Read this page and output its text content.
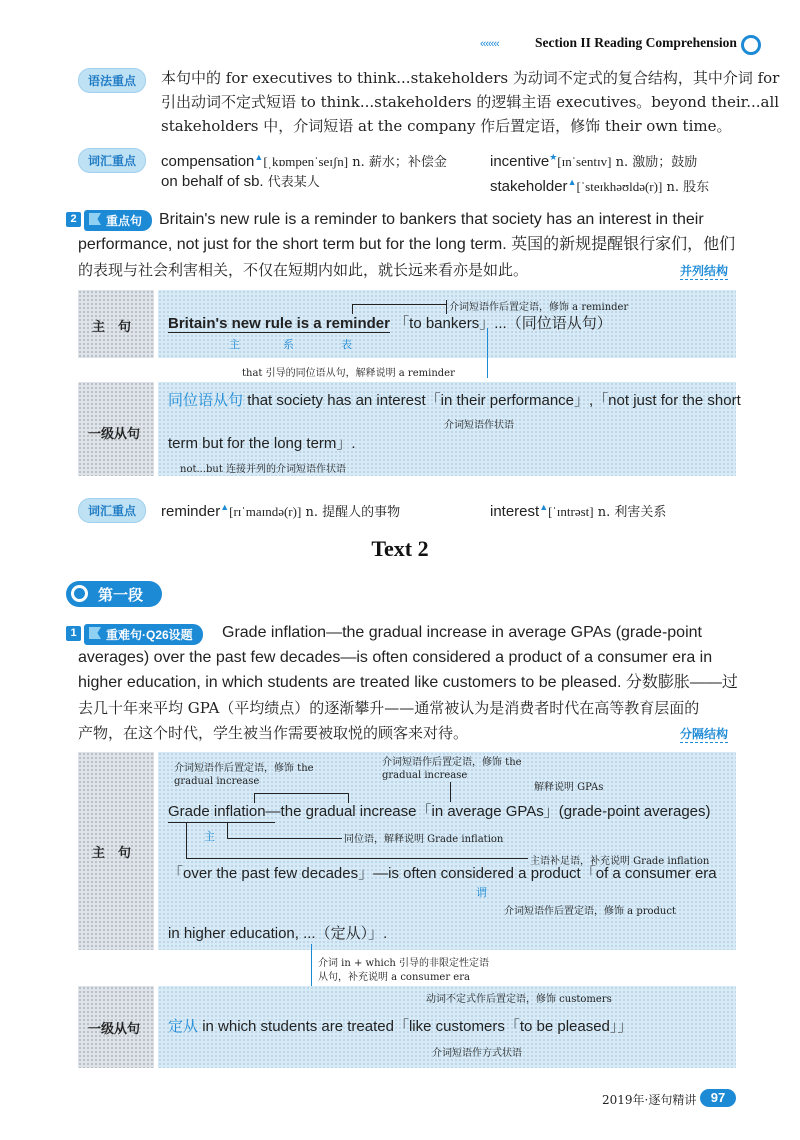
‹‹‹‹‹‹‹	Section II Reading Comprehension
语法重点	本句中的 for executives to think...stakeholders 为动词不定式的复合结构，其中介词 for
引出动词不定式短语 to think...stakeholders 的逻辑主语 executives。beyond their...all
stakeholders 中，介词短语 at the company 作后置定语，修饰 their own time。
词汇重点	compensation▲[ˌkɒmpenˈseɪʃn] n. 薪水；补偿金	incentive★[ɪnˈsentɪv] n. 激励；鼓励
on behalf of sb. 代表某人	stakeholder▲[ˈsteɪkhəʊldə(r)] n. 股东
2	重点句	Britain's new rule is a reminder to bankers that society has an interest in their
performance, not just for the short term but for the long term. 英国的新规提醒银行家们，他们
的表现与社会利害相关，不仅在短期内如此，就长远来看亦是如此。	并列结构
主　句
介词短语作后置定语，修饰 a reminder
Britain's new rule is a reminder 「to bankers」...（同位语从句）
主	系	表
that 引导的同位语从句，解释说明 a reminder
一级从句
同位语从句 that society has an interest「in their performance」,「not just for the short
介词短语作状语
term but for the long term」.
not...but 连接并列的介词短语作状语
词汇重点	reminder▲[rɪˈmaɪndə(r)] n. 提醒人的事物	interest▲[ˈɪntrəst] n. 利害关系
Text 2
第一段
1	重难句·Q26设题	Grade inflation—the gradual increase in average GPAs (grade-point
averages) over the past few decades—is often considered a product of a consumer era in
higher education, in which students are treated like customers to be pleased. 分数膨胀——过
去几十年来平均 GPA（平均绩点）的逐渐攀升——通常被认为是消费者时代在高等教育层面的
产物，在这个时代，学生被当作需要被取悦的顾客来对待。	分隔结构
主　句
介词短语作后置定语，修饰 the gradual increase
介词短语作后置定语，修饰 the gradual increase
解释说明 GPAs
Grade inflation—the gradual increase「in average GPAs」(grade-point averages)
主	同位语，解释说明 Grade inflation
主语补足语，补充说明 Grade inflation
「over the past few decades」—is often considered a product「of a consumer era
谓
介词短语作后置定语，修饰 a product
in higher education, ...（定从）」.
介词 in + which 引导的非限定性定语
从句，补充说明 a consumer era
一级从句
动词不定式作后置定语，修饰 customers
定从 in which students are treated「like customers「to be pleased」」
介词短语作方式状语
2019年·逐句精讲	97
